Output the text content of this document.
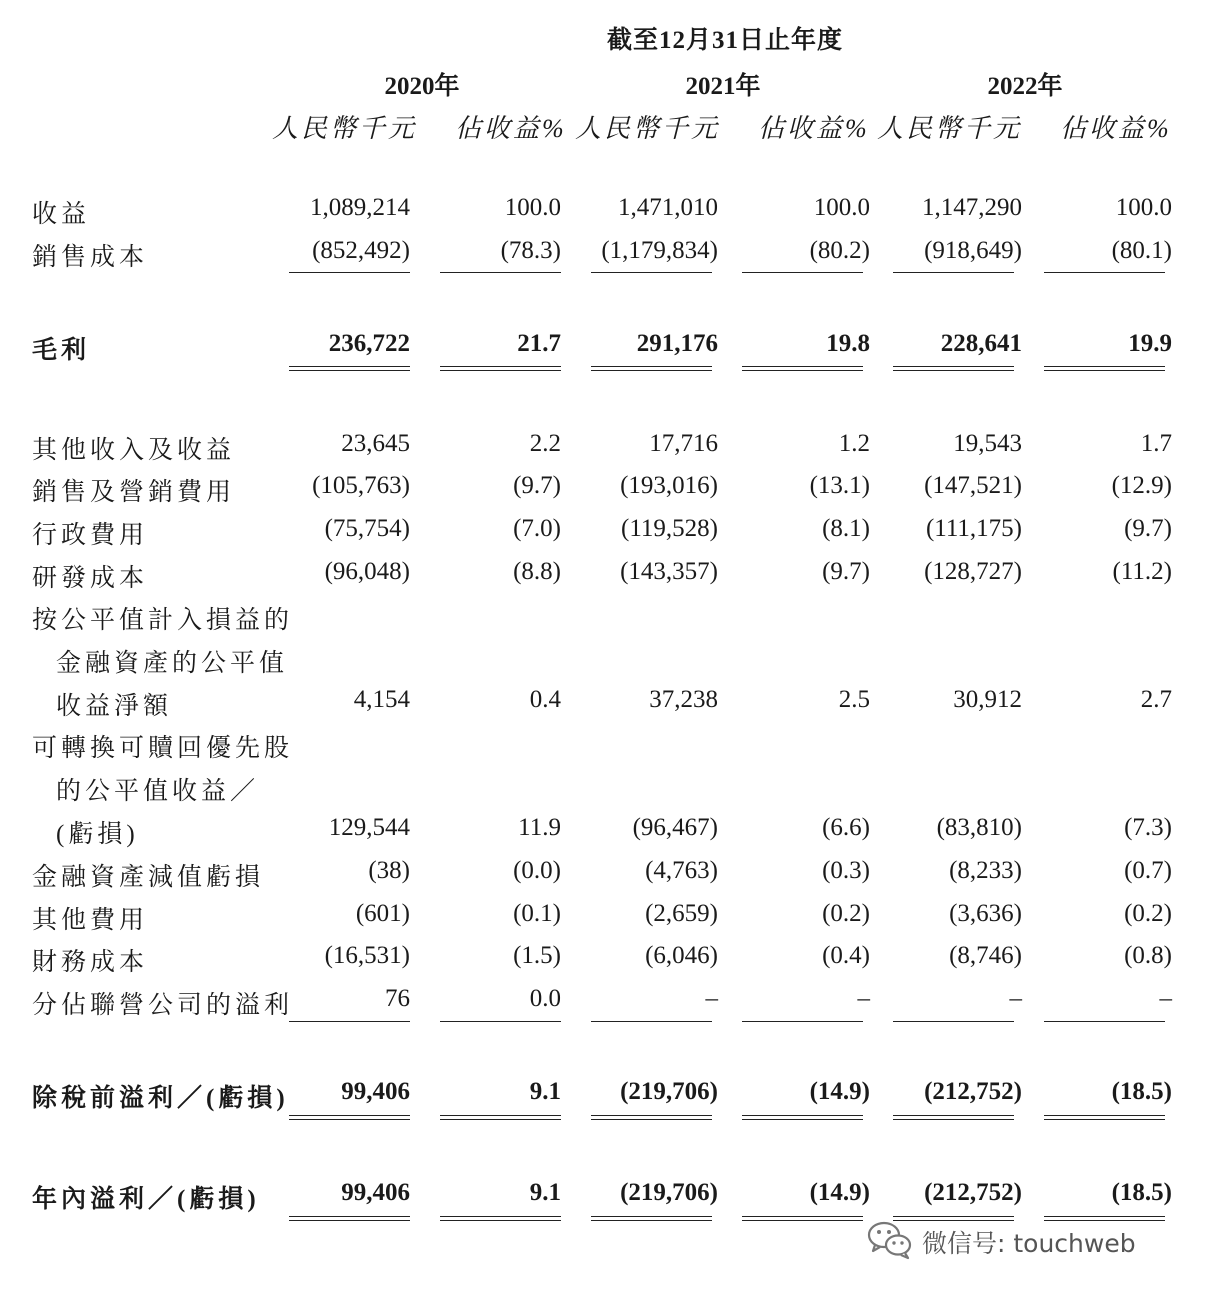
截至12月31日止年度
2020年	2021年	2022年
人民幣千元 佔收益% 人民幣千元 佔收益% 人民幣千元 佔收益%
收益	1,089,214	100.0	1,471,010	100.0	1,147,290	100.0
銷售成本	(852,492)	(78.3)	(1,179,834)	(80.2)	(918,649)	(80.1)
毛利	236,722	21.7	291,176	19.8	228,641	19.9
其他收入及收益	23,645	2.2	17,716	1.2	19,543	1.7
銷售及營銷費用	(105,763)	(9.7)	(193,016)	(13.1)	(147,521)	(12.9)
行政費用	(75,754)	(7.0)	(119,528)	(8.1)	(111,175)	(9.7)
研發成本	(96,048)	(8.8)	(143,357)	(9.7)	(128,727)	(11.2)
按公平值計入損益的
金融資產的公平值
收益淨額	4,154	0.4	37,238	2.5	30,912	2.7
可轉換可贖回優先股
的公平值收益／
(虧損)	129,544	11.9	(96,467)	(6.6)	(83,810)	(7.3)
金融資產減值虧損	(38)	(0.0)	(4,763)	(0.3)	(8,233)	(0.7)
其他費用	(601)	(0.1)	(2,659)	(0.2)	(3,636)	(0.2)
財務成本	(16,531)	(1.5)	(6,046)	(0.4)	(8,746)	(0.8)
分佔聯營公司的溢利	76	0.0	–	–	–	–
除稅前溢利／(虧損)	99,406	9.1	(219,706)	(14.9)	(212,752)	(18.5)
年內溢利／(虧損)	99,406	9.1	(219,706)	(14.9)	(212,752)	(18.5)
微信号: touchweb
